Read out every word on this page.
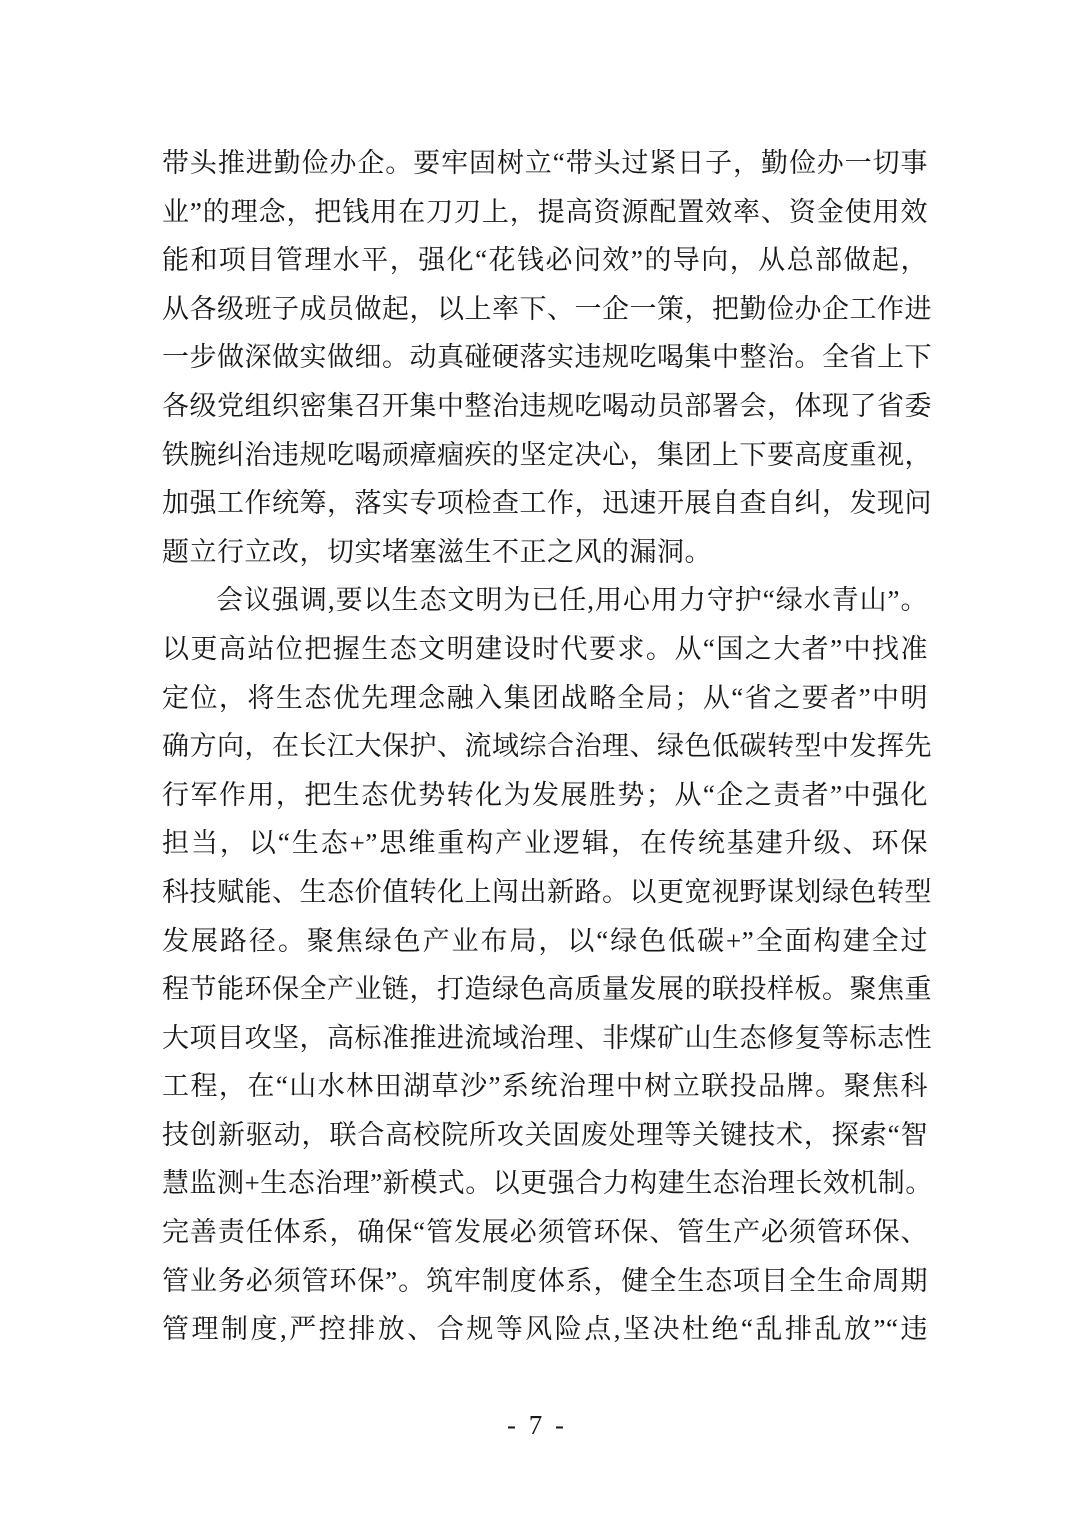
带头推进勤俭办企。要牢固树立“带头过紧日子，勤俭办一切事
业”的理念，把钱用在刀刃上，提高资源配置效率、资金使用效
能和项目管理水平，强化“花钱必问效”的导向，从总部做起，
从各级班子成员做起，以上率下、一企一策，把勤俭办企工作进
一步做深做实做细。动真碰硬落实违规吃喝集中整治。全省上下
各级党组织密集召开集中整治违规吃喝动员部署会，体现了省委
铁腕纠治违规吃喝顽瘴痼疾的坚定决心，集团上下要高度重视，
加强工作统筹，落实专项检查工作，迅速开展自查自纠，发现问
题立行立改，切实堵塞滋生不正之风的漏洞。
会议强调,要以生态文明为已任,用心用力守护“绿水青山”。
以更高站位把握生态文明建设时代要求。从“国之大者”中找准
定位，将生态优先理念融入集团战略全局；从“省之要者”中明
确方向，在长江大保护、流域综合治理、绿色低碳转型中发挥先
行军作用，把生态优势转化为发展胜势；从“企之责者”中强化
担当，以“生态+”思维重构产业逻辑，在传统基建升级、环保
科技赋能、生态价值转化上闯出新路。以更宽视野谋划绿色转型
发展路径。聚焦绿色产业布局，以“绿色低碳+”全面构建全过
程节能环保全产业链，打造绿色高质量发展的联投样板。聚焦重
大项目攻坚，高标准推进流域治理、非煤矿山生态修复等标志性
工程，在“山水林田湖草沙”系统治理中树立联投品牌。聚焦科
技创新驱动，联合高校院所攻关固废处理等关键技术，探索“智
慧监测+生态治理”新模式。以更强合力构建生态治理长效机制。
完善责任体系，确保“管发展必须管环保、管生产必须管环保、
管业务必须管环保”。筑牢制度体系，健全生态项目全生命周期
管理制度,严控排放、合规等风险点,坚决杜绝“乱排乱放”“违
- 7 -
